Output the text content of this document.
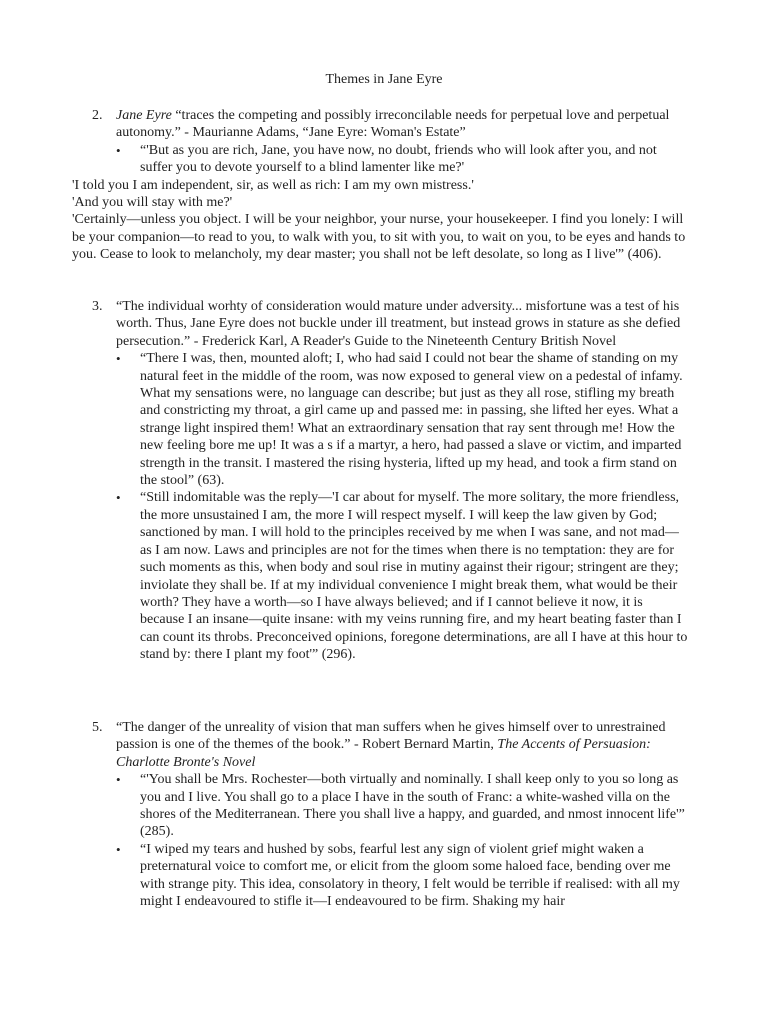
Themes in Jane Eyre

2. Jane Eyre “traces the competing and possibly irreconcilable needs for perpetual love and perpetual autonomy.” - Maurianne Adams, “Jane Eyre: Woman's Estate”

• “'But as you are rich, Jane, you have now, no doubt, friends who will look after you, and not suffer you to devote yourself to a blind lamenter like me?'

'I told you I am independent, sir, as well as rich: I am my own mistress.'

'And you will stay with me?'

'Certainly—unless you object. I will be your neighbor, your nurse, your housekeeper. I find you lonely: I will be your companion—to read to you, to walk with you, to sit with you, to wait on you, to be eyes and hands to you. Cease to look to melancholy, my dear master; you shall not be left desolate, so long as I live'” (406).

3. “The individual worhty of consideration would mature under adversity... misfortune was a test of his worth. Thus, Jane Eyre does not buckle under ill treatment, but instead grows in stature as she defied persecution.” - Frederick Karl, A Reader's Guide to the Nineteenth Century British Novel

• “There I was, then, mounted aloft; I, who had said I could not bear the shame of standing on my natural feet in the middle of the room, was now exposed to general view on a pedestal of infamy. What my sensations were, no language can describe; but just as they all rose, stifling my breath and constricting my throat, a girl came up and passed me: in passing, she lifted her eyes. What a strange light inspired them! What an extraordinary sensation that ray sent through me! How the new feeling bore me up! It was a s if a martyr, a hero, had passed a slave or victim, and imparted strength in the transit. I mastered the rising hysteria, lifted up my head, and took a firm stand on the stool” (63).

• “Still indomitable was the reply—'I car about for myself. The more solitary, the more friendless, the more unsustained I am, the more I will respect myself. I will keep the law given by God; sanctioned by man. I will hold to the principles received by me when I was sane, and not mad—as I am now. Laws and principles are not for the times when there is no temptation: they are for such moments as this, when body and soul rise in mutiny against their rigour; stringent are they; inviolate they shall be. If at my individual convenience I might break them, what would be their worth? They have a worth—so I have always believed; and if I cannot believe it now, it is because I an insane—quite insane: with my veins running fire, and my heart beating faster than I can count its throbs. Preconceived opinions, foregone determinations, are all I have at this hour to stand by: there I plant my foot'” (296).

5. “The danger of the unreality of vision that man suffers when he gives himself over to unrestrained passion is one of the themes of the book.” - Robert Bernard Martin, The Accents of Persuasion: Charlotte Bronte's Novel

• “'You shall be Mrs. Rochester—both virtually and nominally. I shall keep only to you so long as you and I live. You shall go to a place I have in the south of Franc: a white-washed villa on the shores of the Mediterranean. There you shall live a happy, and guarded, and nmost innocent life'” (285).

• “I wiped my tears and hushed by sobs, fearful lest any sign of violent grief might waken a preternatural voice to comfort me, or elicit from the gloom some haloed face, bending over me with strange pity. This idea, consolatory in theory, I felt would be terrible if realised: with all my might I endeavoured to stifle it—I endeavoured to be firm. Shaking my hair
